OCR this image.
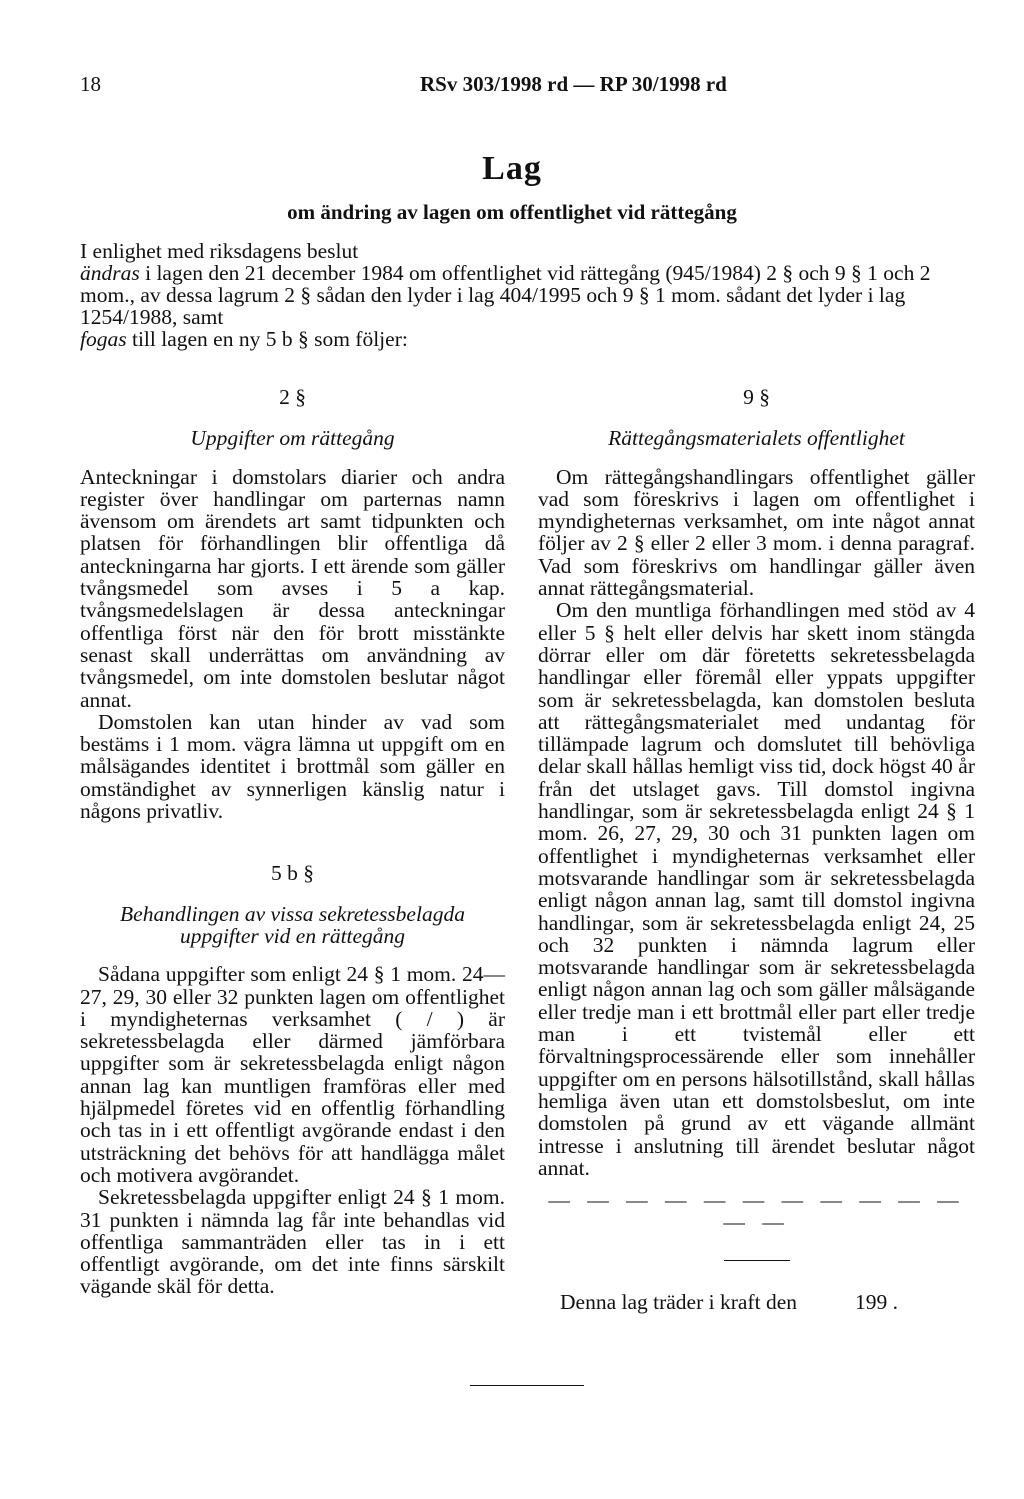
18	RSv 303/1998 rd — RP 30/1998 rd
Lag
om ändring av lagen om offentlighet vid rättegång

I enlighet med riksdagens beslut

ändras i lagen den 21 december 1984 om offentlighet vid rättegång (945/1984) 2 § och 9 § 1 och 2 mom., av dessa lagrum 2 § sådan den lyder i lag 404/1995 och 9 § 1 mom. sådant det lyder i lag 1254/1988, samt

fogas till lagen en ny 5 b § som följer:

2 §

Uppgifter om rättegång

Anteckningar i domstolars diarier och andra register över handlingar om parternas namn ävensom om ärendets art samt tidpunkten och platsen för förhandlingen blir offentliga då anteckningarna har gjorts. I ett ärende som gäller tvångsmedel som avses i 5 a kap. tvångsmedelslagen är dessa anteckningar offentliga först när den för brott misstänkte senast skall underrättas om användning av tvångsmedel, om inte domstolen beslutar något annat.

Domstolen kan utan hinder av vad som bestäms i 1 mom. vägra lämna ut uppgift om en målsägandes identitet i brottmål som gäller en omständighet av synnerligen känslig natur i någons privatliv.

5 b §

Behandlingen av vissa sekretessbelagda

uppgifter vid en rättegång

Sådana uppgifter som enligt 24 § 1 mom. 24—27, 29, 30 eller 32 punkten lagen om offentlighet i myndigheternas verksamhet ( / ) är sekretessbelagda eller därmed jämförbara uppgifter som är sekretessbelagda enligt någon annan lag kan muntligen framföras eller med hjälpmedel företes vid en offentlig förhandling och tas in i ett offentligt avgörande endast i den utsträckning det behövs för att handlägga målet och motivera avgörandet.

Sekretessbelagda uppgifter enligt 24 § 1 mom. 31 punkten i nämnda lag får inte behandlas vid offentliga sammanträden eller tas in i ett offentligt avgörande, om det inte finns särskilt vägande skäl för detta.

9 §

Rättegångsmaterialets offentlighet

Om rättegångshandlingars offentlighet gäller vad som föreskrivs i lagen om offentlighet i myndigheternas verksamhet, om inte något annat följer av 2 § eller 2 eller 3 mom. i denna paragraf. Vad som föreskrivs om handlingar gäller även annat rättegångsmaterial.

Om den muntliga förhandlingen med stöd av 4 eller 5 § helt eller delvis har skett inom stängda dörrar eller om där företetts sekretessbelagda handlingar eller föremål eller yppats uppgifter som är sekretessbelagda, kan domstolen besluta att rättegångsmaterialet med undantag för tillämpade lagrum och domslutet till behövliga delar skall hållas hemligt viss tid, dock högst 40 år från det utslaget gavs. Till domstol ingivna handlingar, som är sekretessbelagda enligt 24 § 1 mom. 26, 27, 29, 30 och 31 punkten lagen om offentlighet i myndigheternas verksamhet eller motsvarande handlingar som är sekretessbelagda enligt någon annan lag, samt till domstol ingivna handlingar, som är sekretessbelagda enligt 24, 25 och 32 punkten i nämnda lagrum eller motsvarande handlingar som är sekretessbelagda enligt någon annan lag och som gäller målsägande eller tredje man i ett brottmål eller part eller tredje man i ett tvistemål eller ett förvaltningsprocessärende eller som innehåller uppgifter om en persons hälsotillstånd, skall hållas hemliga även utan ett domstolsbeslut, om inte domstolen på grund av ett vägande allmänt intresse i anslutning till ärendet beslutar något annat.

— — — — — — — — — — — — —

Denna lag träder i kraft den	199 .
